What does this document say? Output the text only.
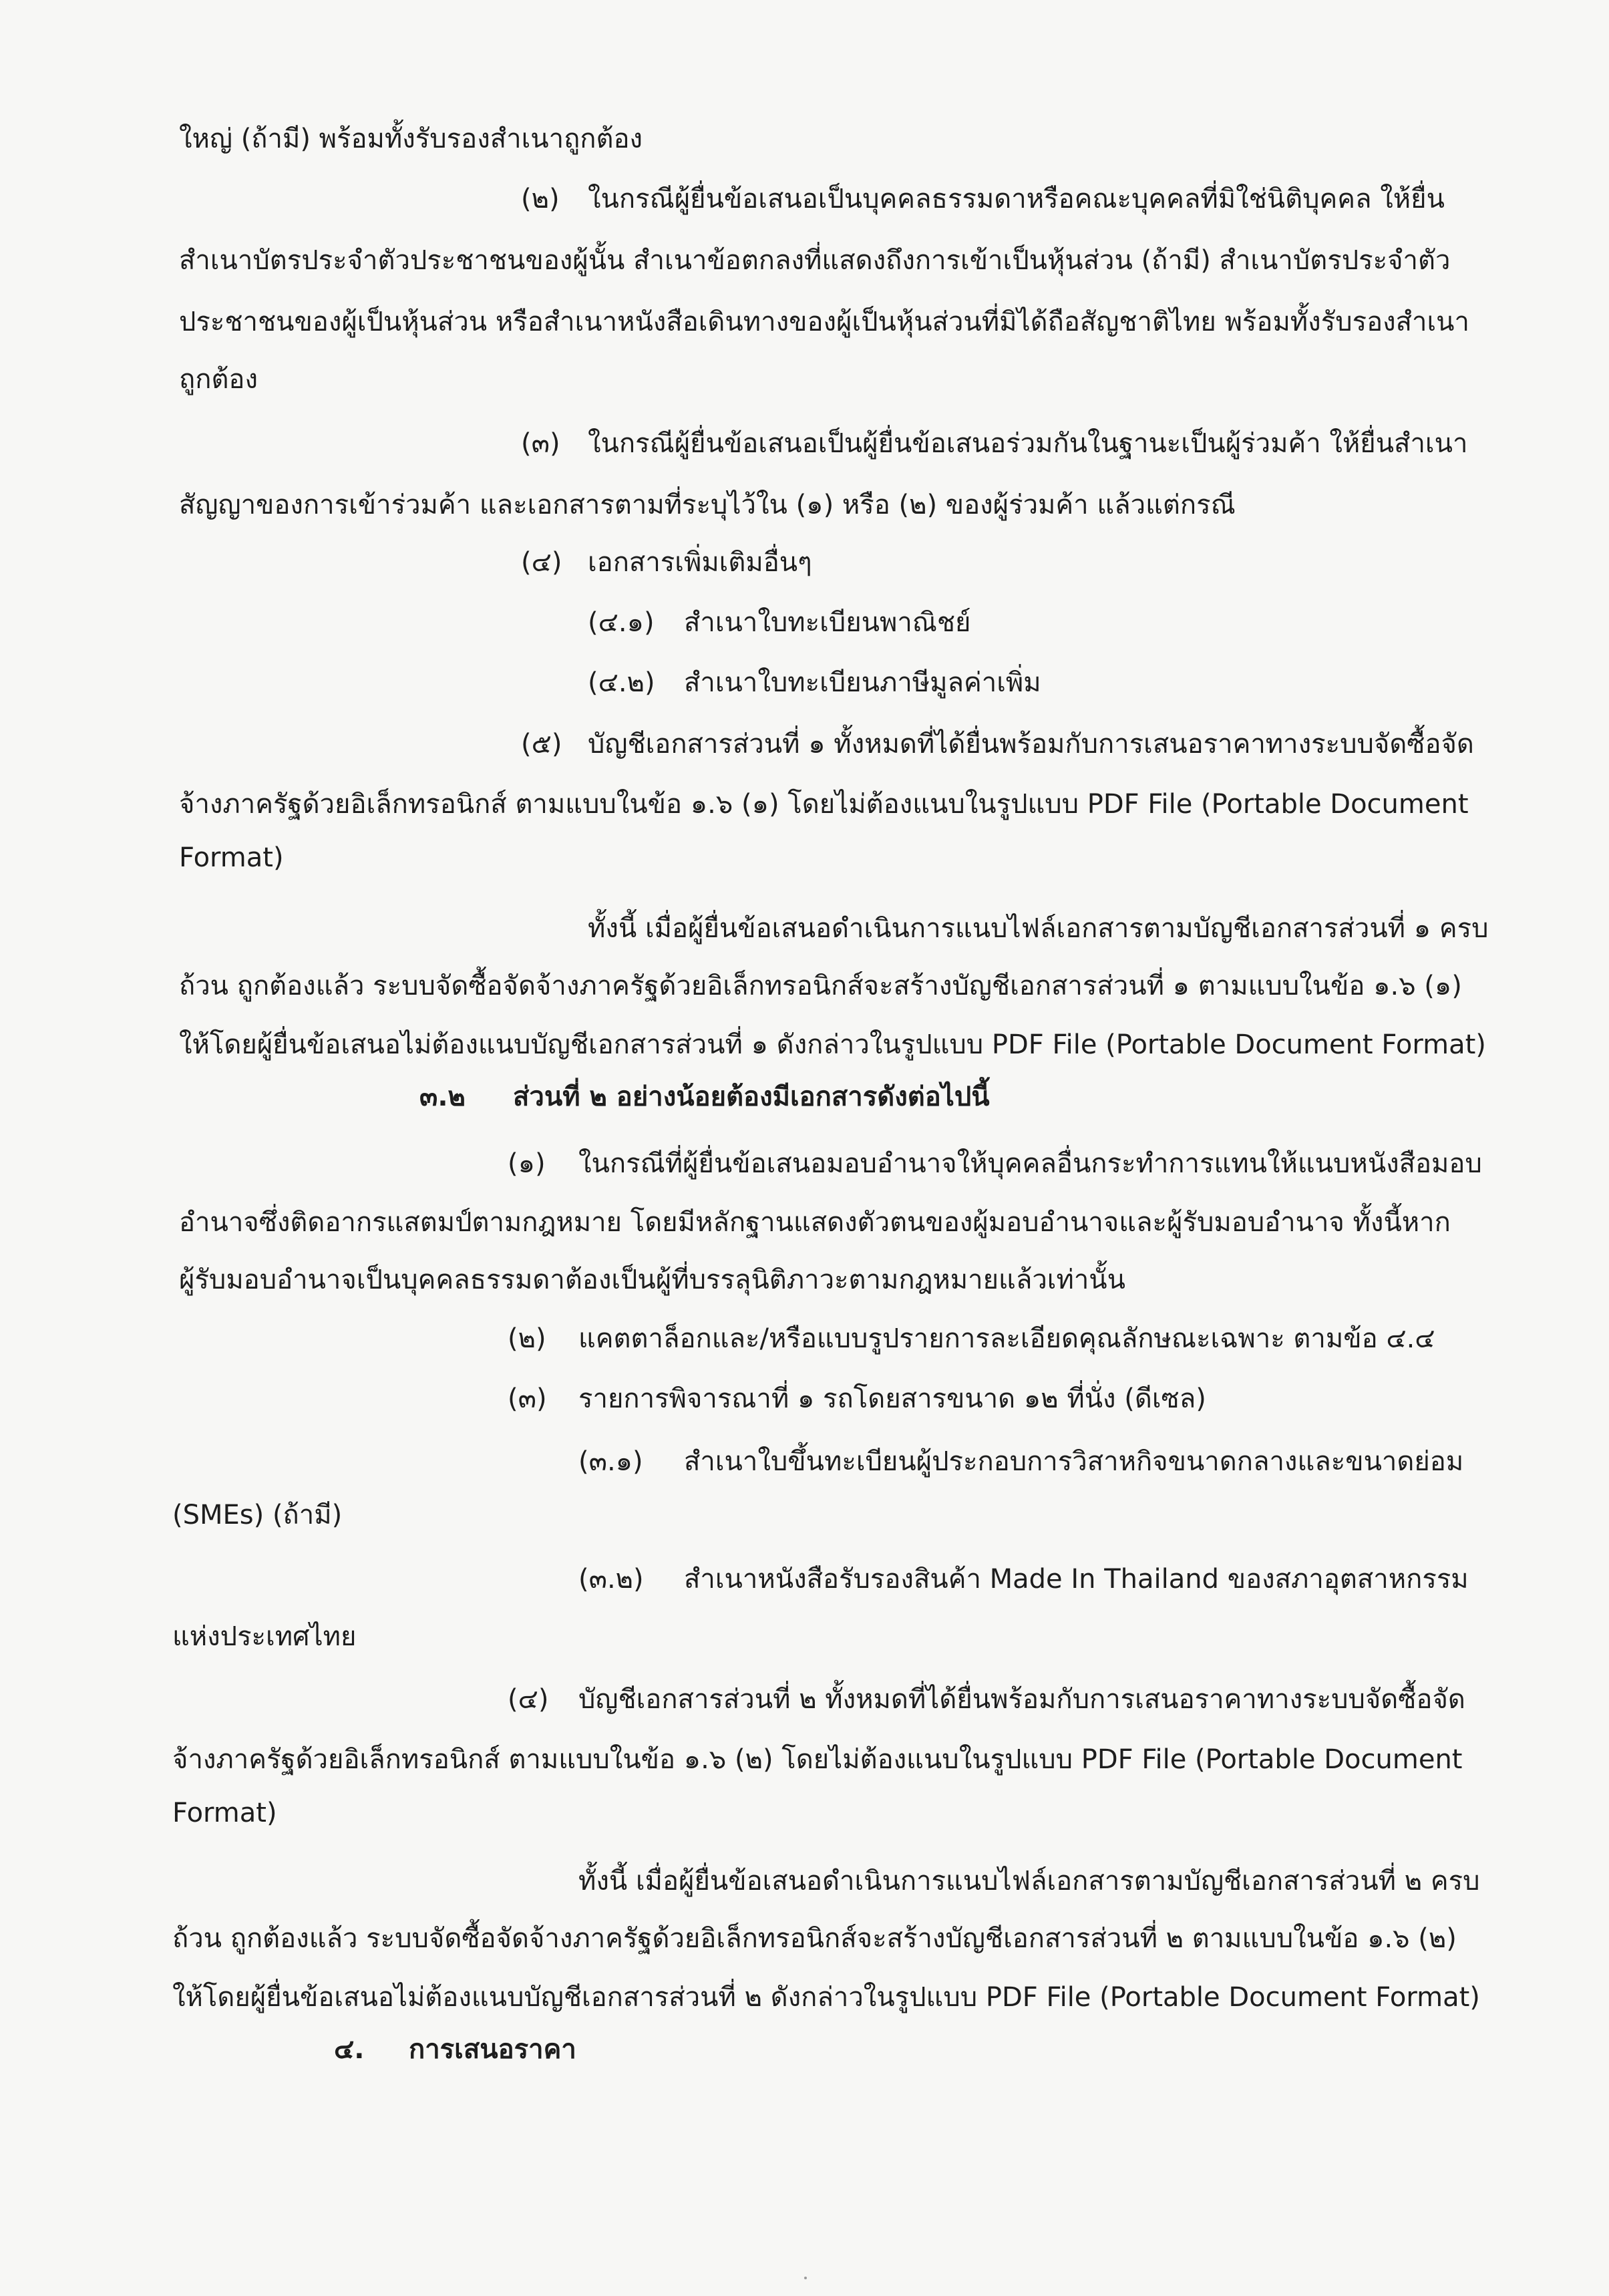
ใหญ่ (ถ้ามี) พร้อมทั้งรับรองสำเนาถูกต้อง
(๒) ในกรณีผู้ยื่นข้อเสนอเป็นบุคคลธรรมดาหรือคณะบุคคลที่มิใช่นิติบุคคล ให้ยื่น
สำเนาบัตรประจำตัวประชาชนของผู้นั้น สำเนาข้อตกลงที่แสดงถึงการเข้าเป็นหุ้นส่วน (ถ้ามี) สำเนาบัตรประจำตัว
ประชาชนของผู้เป็นหุ้นส่วน หรือสำเนาหนังสือเดินทางของผู้เป็นหุ้นส่วนที่มิได้ถือสัญชาติไทย พร้อมทั้งรับรองสำเนา
ถูกต้อง
(๓) ในกรณีผู้ยื่นข้อเสนอเป็นผู้ยื่นข้อเสนอร่วมกันในฐานะเป็นผู้ร่วมค้า ให้ยื่นสำเนา
สัญญาของการเข้าร่วมค้า และเอกสารตามที่ระบุไว้ใน (๑) หรือ (๒) ของผู้ร่วมค้า แล้วแต่กรณี
(๔) เอกสารเพิ่มเติมอื่นๆ
(๔.๑) สำเนาใบทะเบียนพาณิชย์
(๔.๒) สำเนาใบทะเบียนภาษีมูลค่าเพิ่ม
(๕) บัญชีเอกสารส่วนที่ ๑ ทั้งหมดที่ได้ยื่นพร้อมกับการเสนอราคาทางระบบจัดซื้อจัด
จ้างภาครัฐด้วยอิเล็กทรอนิกส์ ตามแบบในข้อ ๑.๖ (๑) โดยไม่ต้องแนบในรูปแบบ PDF File (Portable Document
Format)
ทั้งนี้ เมื่อผู้ยื่นข้อเสนอดำเนินการแนบไฟล์เอกสารตามบัญชีเอกสารส่วนที่ ๑ ครบ
ถ้วน ถูกต้องแล้ว ระบบจัดซื้อจัดจ้างภาครัฐด้วยอิเล็กทรอนิกส์จะสร้างบัญชีเอกสารส่วนที่ ๑ ตามแบบในข้อ ๑.๖ (๑)
ให้โดยผู้ยื่นข้อเสนอไม่ต้องแนบบัญชีเอกสารส่วนที่ ๑ ดังกล่าวในรูปแบบ PDF File (Portable Document Format)
๓.๒ ส่วนที่ ๒ อย่างน้อยต้องมีเอกสารดังต่อไปนี้
(๑) ในกรณีที่ผู้ยื่นข้อเสนอมอบอำนาจให้บุคคลอื่นกระทำการแทนให้แนบหนังสือมอบ
อำนาจซึ่งติดอากรแสตมป์ตามกฎหมาย โดยมีหลักฐานแสดงตัวตนของผู้มอบอำนาจและผู้รับมอบอำนาจ ทั้งนี้หาก
ผู้รับมอบอำนาจเป็นบุคคลธรรมดาต้องเป็นผู้ที่บรรลุนิติภาวะตามกฎหมายแล้วเท่านั้น
(๒) แคตตาล็อกและ/หรือแบบรูปรายการละเอียดคุณลักษณะเฉพาะ ตามข้อ ๔.๔
(๓) รายการพิจารณาที่ ๑ รถโดยสารขนาด ๑๒ ที่นั่ง (ดีเซล)
(๓.๑) สำเนาใบขึ้นทะเบียนผู้ประกอบการวิสาหกิจขนาดกลางและขนาดย่อม
(SMEs) (ถ้ามี)
(๓.๒) สำเนาหนังสือรับรองสินค้า Made In Thailand ของสภาอุตสาหกรรม
แห่งประเทศไทย
(๔) บัญชีเอกสารส่วนที่ ๒ ทั้งหมดที่ได้ยื่นพร้อมกับการเสนอราคาทางระบบจัดซื้อจัด
จ้างภาครัฐด้วยอิเล็กทรอนิกส์ ตามแบบในข้อ ๑.๖ (๒) โดยไม่ต้องแนบในรูปแบบ PDF File (Portable Document
Format)
ทั้งนี้ เมื่อผู้ยื่นข้อเสนอดำเนินการแนบไฟล์เอกสารตามบัญชีเอกสารส่วนที่ ๒ ครบ
ถ้วน ถูกต้องแล้ว ระบบจัดซื้อจัดจ้างภาครัฐด้วยอิเล็กทรอนิกส์จะสร้างบัญชีเอกสารส่วนที่ ๒ ตามแบบในข้อ ๑.๖ (๒)
ให้โดยผู้ยื่นข้อเสนอไม่ต้องแนบบัญชีเอกสารส่วนที่ ๒ ดังกล่าวในรูปแบบ PDF File (Portable Document Format)
๔. การเสนอราคา
